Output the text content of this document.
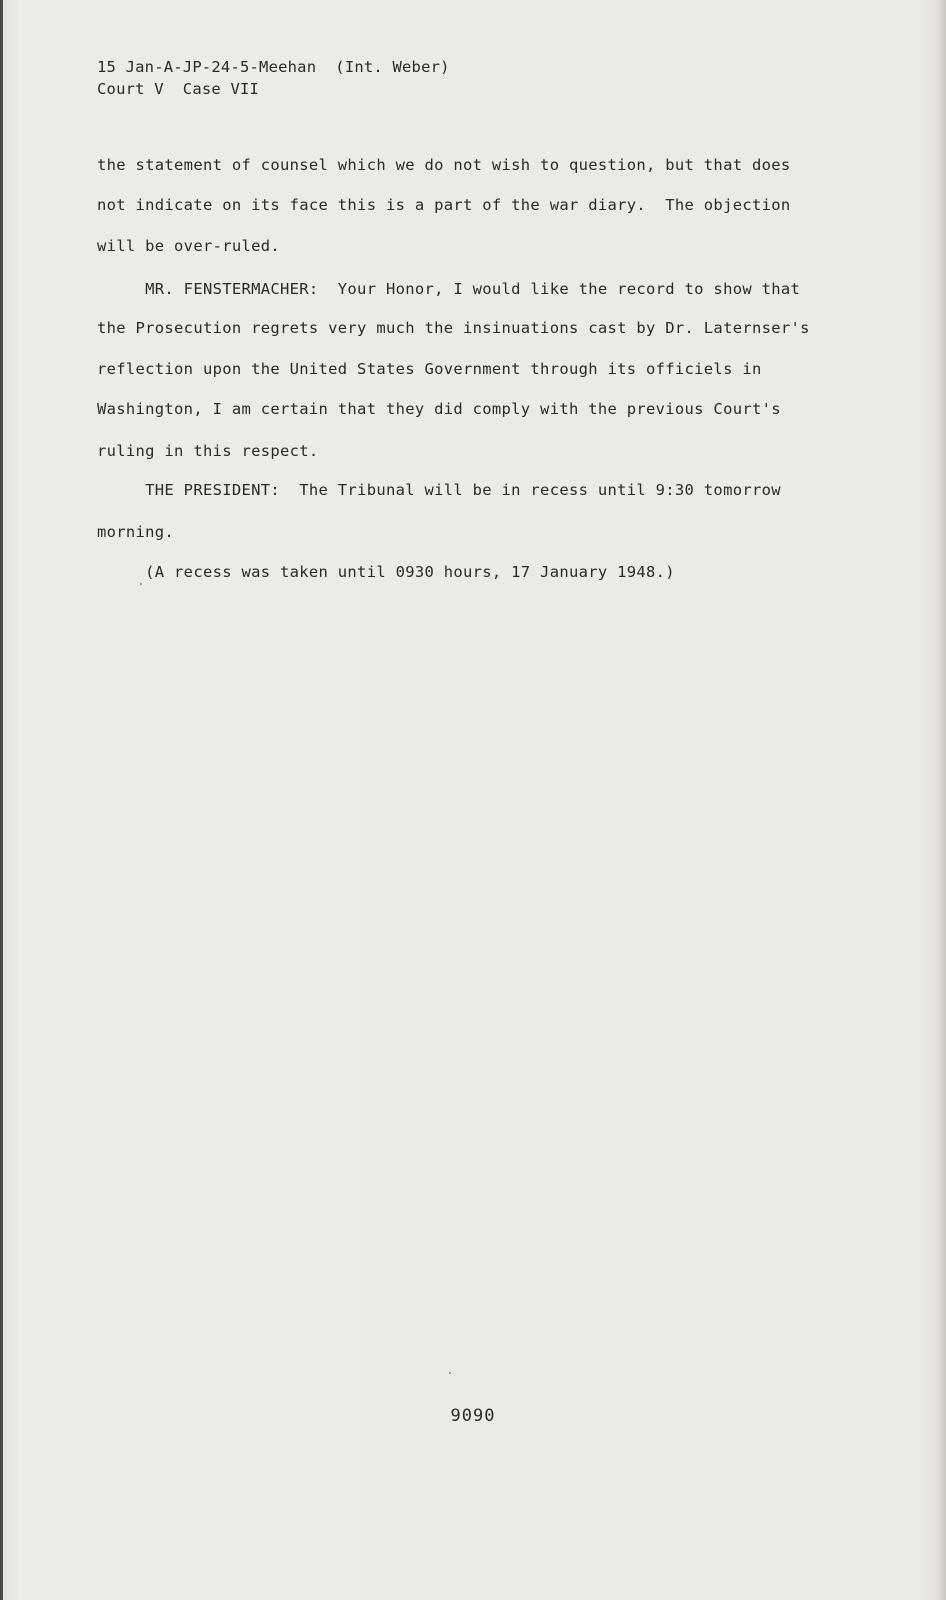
15 Jan-A-JP-24-5-Meehan  (Int. Weber)
Court V  Case VII
the statement of counsel which we do not wish to question, but that does
not indicate on its face this is a part of the war diary.  The objection
will be over-ruled.
MR. FENSTERMACHER:  Your Honor, I would like the record to show that
the Prosecution regrets very much the insinuations cast by Dr. Laternser's
reflection upon the United States Government through its officiels in
Washington, I am certain that they did comply with the previous Court's
ruling in this respect.
THE PRESIDENT:  The Tribunal will be in recess until 9:30 tomorrow
morning.
(A recess was taken until 0930 hours, 17 January 1948.)
9090
